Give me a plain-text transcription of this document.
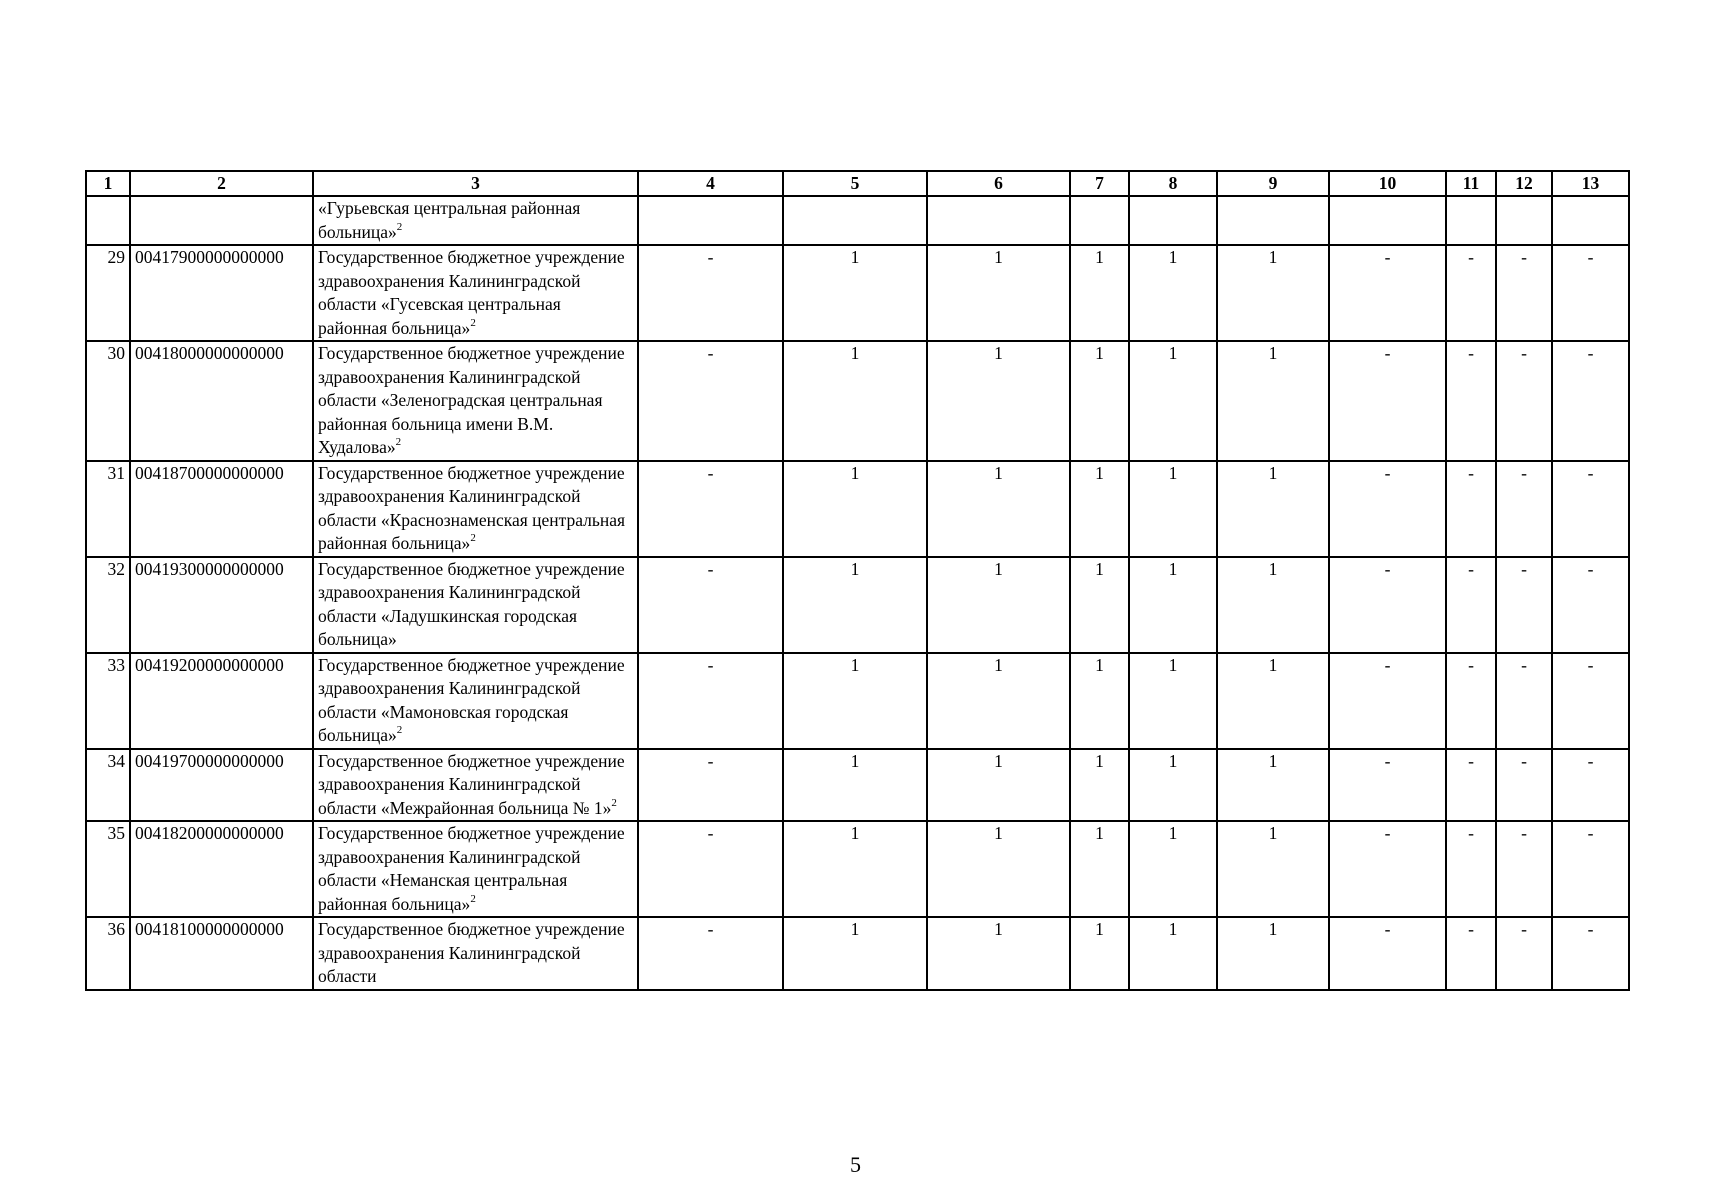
1	2	3	4	5	6	7	8	9	10	11	12	13
		«Гурьевская центральная районная больница»$^2$										
29	00417900000000000	Государственное бюджетное учреждение здравоохранения Калининградской области «Гусевская центральная районная больница»$^2$	-	1	1	1	1	1	-	-	-	-
30	00418000000000000	Государственное бюджетное учреждение здравоохранения Калининградской области «Зеленоградская центральная районная больница имени В.М. Худалова»$^2$	-	1	1	1	1	1	-	-	-	-
31	00418700000000000	Государственное бюджетное учреждение здравоохранения Калининградской области «Краснознаменская центральная районная больница»$^2$	-	1	1	1	1	1	-	-	-	-
32	00419300000000000	Государственное бюджетное учреждение здравоохранения Калининградской области «Ладушкинская городская больница»	-	1	1	1	1	1	-	-	-	-
33	00419200000000000	Государственное бюджетное учреждение здравоохранения Калининградской области «Мамоновская городская больница»$^2$	-	1	1	1	1	1	-	-	-	-
34	00419700000000000	Государственное бюджетное учреждение здравоохранения Калининградской области «Межрайонная больница № 1»$^2$	-	1	1	1	1	1	-	-	-	-
35	00418200000000000	Государственное бюджетное учреждение здравоохранения Калининградской области «Неманская центральная районная больница»$^2$	-	1	1	1	1	1	-	-	-	-
36	00418100000000000	Государственное бюджетное учреждение здравоохранения Калининградской области	-	1	1	1	1	1	-	-	-	-
5
